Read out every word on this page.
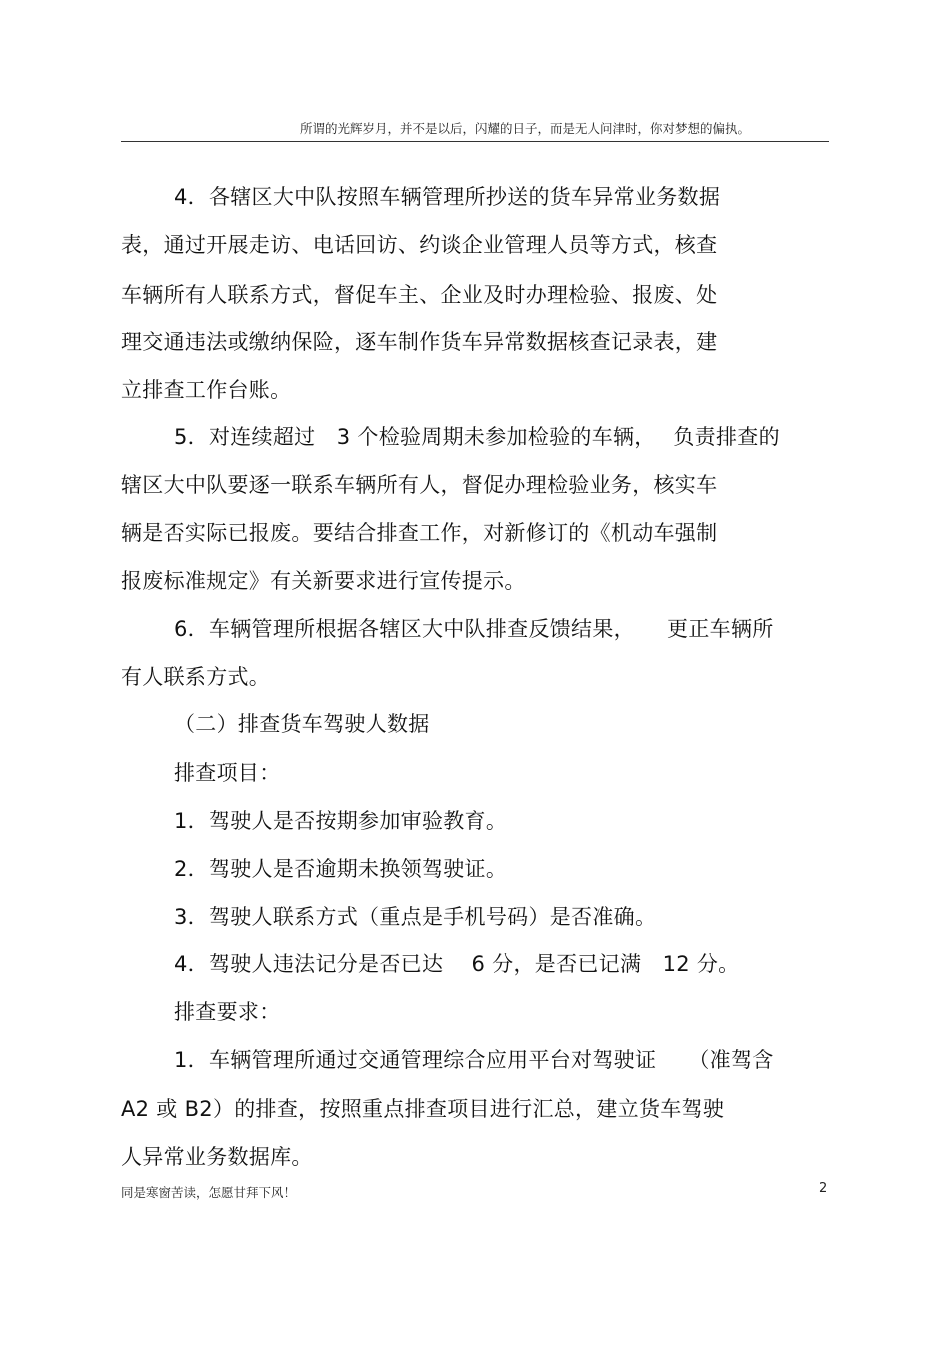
所谓的光辉岁月，并不是以后，闪耀的日子，而是无人问津时，你对梦想的偏执。
4．各辖区大中队按照车辆管理所抄送的货车异常业务数据
表，通过开展走访、电话回访、约谈企业管理人员等方式，核查
车辆所有人联系方式，督促车主、企业及时办理检验、报废、处
理交通违法或缴纳保险，逐车制作货车异常数据核查记录表，建
立排查工作台账。
5．对连续超过　3 个检验周期未参加检验的车辆，　 负责排查的
辖区大中队要逐一联系车辆所有人，督促办理检验业务，核实车
辆是否实际已报废。要结合排查工作，对新修订的《机动车强制
报废标准规定》有关新要求进行宣传提示。
6．车辆管理所根据各辖区大中队排查反馈结果，　　更正车辆所
有人联系方式。
（二）排查货车驾驶人数据
排查项目：
1．驾驶人是否按期参加审验教育。
2．驾驶人是否逾期未换领驾驶证。
3．驾驶人联系方式（重点是手机号码）是否准确。
4．驾驶人违法记分是否已达　 6 分，是否已记满　12 分。
排查要求：
1．车辆管理所通过交通管理综合应用平台对驾驶证　　（准驾含
A2 或 B2）的排查，按照重点排查项目进行汇总，建立货车驾驶
人异常业务数据库。
同是寒窗苦读，怎愿甘拜下风！	2
